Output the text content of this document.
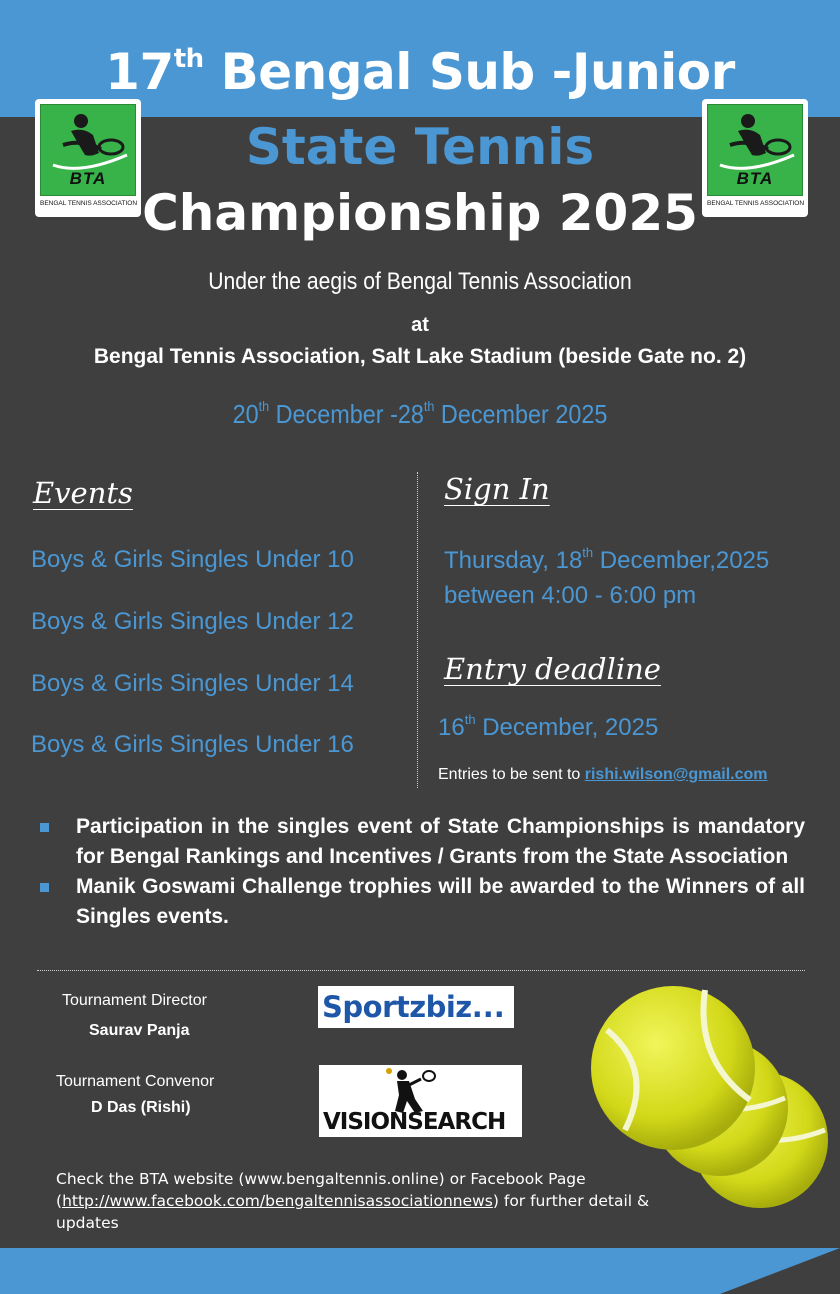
BTA
BENGAL TENNIS ASSOCIATION
BTA
BENGAL TENNIS ASSOCIATION
17th Bengal Sub -Junior
State Tennis
Championship 2025
Under the aegis of Bengal Tennis Association
at
Bengal Tennis Association, Salt Lake Stadium (beside Gate no. 2)
20th December -28th December 2025
Events
Boys & Girls Singles Under 10
Boys & Girls Singles Under 12
Boys & Girls Singles Under 14
Boys & Girls Singles Under 16
Sign In
Thursday, 18th December,2025
between 4:00 - 6:00 pm
Entry deadline
16th December, 2025
Entries to be sent to rishi.wilson@gmail.com
Participation in the singles event of State Championships is mandatory for Bengal Rankings and Incentives / Grants from the State Association
Manik Goswami Challenge trophies will be awarded to the Winners of all Singles events.
Tournament Director
Saurav Panja
Tournament Convenor
D Das (Rishi)
Sportzbiz ...
VISIONSEARCH
Check the BTA website (www.bengaltennis.online) or Facebook Page (http://www.facebook.com/bengaltennisassociationnews) for further detail & updates
